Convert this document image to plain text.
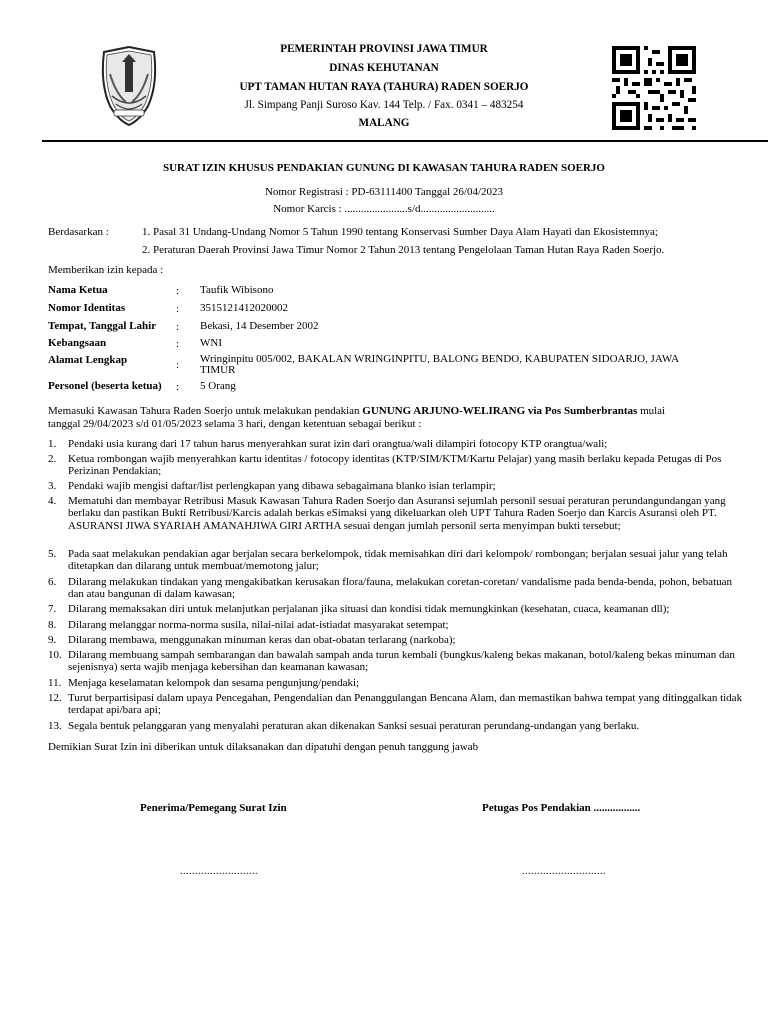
PEMERINTAH PROVINSI JAWA TIMUR
DINAS KEHUTANAN
UPT TAMAN HUTAN RAYA (TAHURA) RADEN SOERJO
Jl. Simpang Panji Suroso Kav. 144 Telp. / Fax. 0341 – 483254
MALANG
SURAT IZIN KHUSUS PENDAKIAN GUNUNG DI KAWASAN TAHURA RADEN SOERJO
Nomor Registrasi : PD-63111400 Tanggal 26/04/2023
Nomor Karcis : .......................s/d...........................
Berdasarkan :	1. Pasal 31 Undang-Undang Nomor 5 Tahun 1990 tentang Konservasi Sumber Daya Alam Hayati dan Ekosistemnya;
2. Peraturan Daerah Provinsi Jawa Timur Nomor 2 Tahun 2013 tentang Pengelolaan Taman Hutan Raya Raden Soerjo.
Memberikan izin kepada :
Nama Ketua	: Taufik Wibisono
Nomor Identitas	: 3515121412020002
Tempat, Tanggal Lahir : Bekasi, 14 Desember 2002
Kebangsaan	: WNI
Alamat Lengkap	: Wringinpitu 005/002, BAKALAN WRINGINPITU, BALONG BENDO, KABUPATEN SIDOARJO, JAWA TIMUR
Personel (beserta ketua) : 5 Orang
Memasuki Kawasan Tahura Raden Soerjo untuk melakukan pendakian GUNUNG ARJUNO-WELIRANG via Pos Sumberbrantas mulai
tanggal 29/04/2023 s/d 01/05/2023 selama 3 hari, dengan ketentuan sebagai berikut :
1. Pendaki usia kurang dari 17 tahun harus menyerahkan surat izin dari orangtua/wali dilampiri fotocopy KTP orangtua/wali;
2. Ketua rombongan wajib menyerahkan kartu identitas / fotocopy identitas (KTP/SIM/KTM/Kartu Pelajar) yang masih berlaku kepada Petugas di Pos Perizinan Pendakian;
3. Pendaki wajib mengisi daftar/list perlengkapan yang dibawa sebagaimana blanko isian terlampir;
4. Mematuhi dan membayar Retribusi Masuk Kawasan Tahura Raden Soerjo dan Asuransi sejumlah personil sesuai peraturan perundangundangan yang berlaku dan pastikan Bukti Retribusi/Karcis adalah berkas eSimaksi yang dikeluarkan oleh UPT Tahura Raden Soerjo dan Karcis Asuransi oleh PT. ASURANSI JIWA SYARIAH AMANAHJIWA GIRI ARTHA sesuai dengan jumlah personil serta menyimpan bukti tersebut;
5. Pada saat melakukan pendakian agar berjalan secara berkelompok, tidak memisahkan diri dari kelompok/ rombongan; berjalan sesuai jalur yang telah ditetapkan dan dilarang untuk membuat/memotong jalur;
6. Dilarang melakukan tindakan yang mengakibatkan kerusakan flora/fauna, melakukan coretan-coretan/ vandalisme pada benda-benda, pohon, bebatuan dan atau bangunan di dalam kawasan;
7. Dilarang memaksakan diri untuk melanjutkan perjalanan jika situasi dan kondisi tidak memungkinkan (kesehatan, cuaca, keamanan dll);
8. Dilarang melanggar norma-norma susila, nilai-nilai adat-istiadat masyarakat setempat;
9. Dilarang membawa, menggunakan minuman keras dan obat-obatan terlarang (narkoba);
10. Dilarang membuang sampah sembarangan dan bawalah sampah anda turun kembali (bungkus/kaleng bekas makanan, botol/kaleng bekas minuman dan sejenisnya) serta wajib menjaga kebersihan dan keamanan kawasan;
11. Menjaga keselamatan kelompok dan sesama pengunjung/pendaki;
12. Turut berpartisipasi dalam upaya Pencegahan, Pengendalian dan Penanggulangan Bencana Alam, dan memastikan bahwa tempat yang ditinggalkan tidak terdapat api/bara api;
13. Segala bentuk pelanggaran yang menyalahi peraturan akan dikenakan Sanksi sesuai peraturan perundang-undangan yang berlaku.
Demikian Surat Izin ini diberikan untuk dilaksanakan dan dipatuhi dengan penuh tanggung jawab
Penerima/Pemegang Surat Izin	Petugas Pos Pendakian .................
..........................	............................
